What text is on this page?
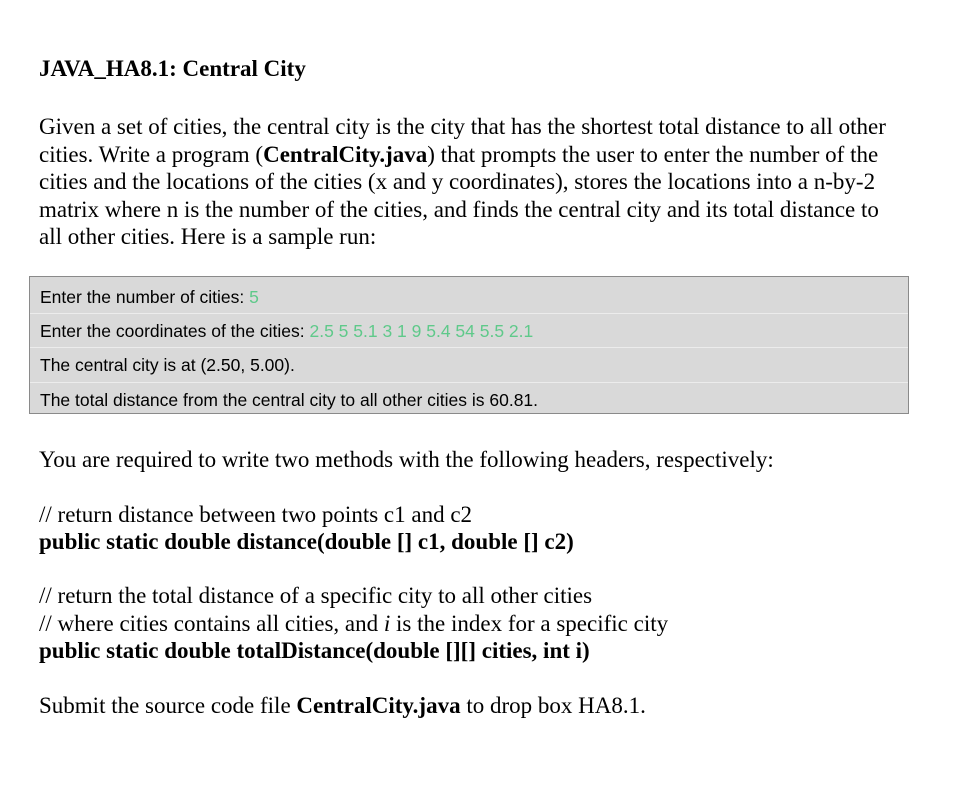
JAVA_HA8.1: Central City
Given a set of cities, the central city is the city that has the shortest total distance to all other cities. Write a program (CentralCity.java) that prompts the user to enter the number of the cities and the locations of the cities (x and y coordinates), stores the locations into a n-by-2 matrix where n is the number of the cities, and finds the central city and its total distance to all other cities. Here is a sample run:
Enter the number of cities: 5
Enter the coordinates of the cities: 2.5 5 5.1 3 1 9 5.4 54 5.5 2.1
The central city is at (2.50, 5.00).
The total distance from the central city to all other cities is 60.81.
You are required to write two methods with the following headers, respectively:
// return distance between two points c1 and c2
public static double distance(double [] c1, double [] c2)
// return the total distance of a specific city to all other cities
// where cities contains all cities, and i is the index for a specific city
public static double totalDistance(double [][] cities, int i)
Submit the source code file CentralCity.java to drop box HA8.1.
